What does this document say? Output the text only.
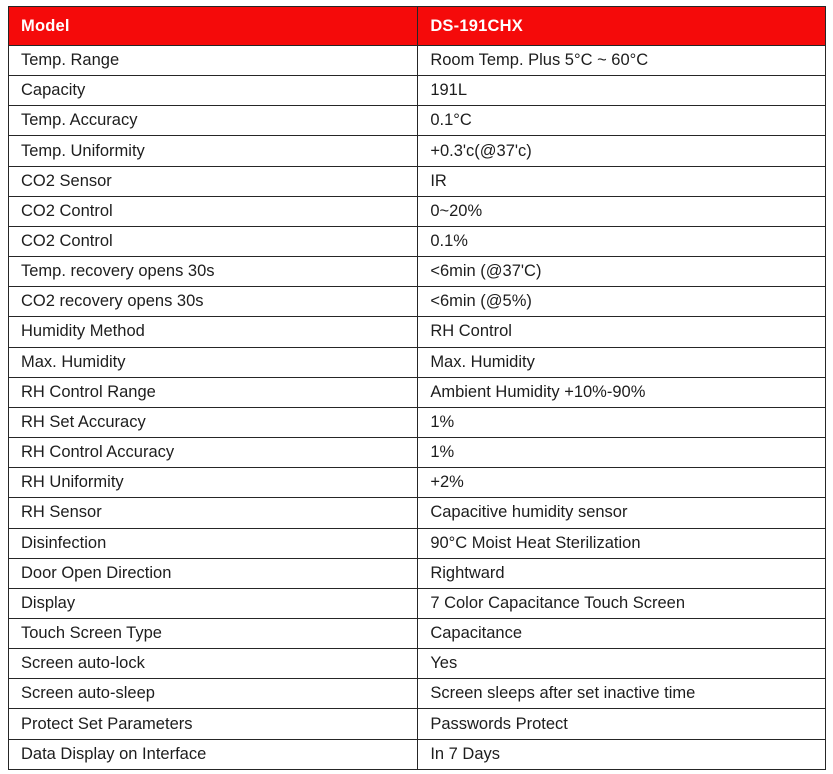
Model	DS-191CHX
Temp. Range	Room Temp. Plus 5°C ~ 60°C
Capacity	191L
Temp. Accuracy	0.1°C
Temp. Uniformity	+0.3'c(@37'c)
CO2 Sensor	IR
CO2 Control	0~20%
CO2 Control	0.1%
Temp. recovery opens 30s	<6min (@37'C)
CO2 recovery opens 30s	<6min (@5%)
Humidity Method	RH Control
Max. Humidity	Max. Humidity
RH Control Range	Ambient Humidity +10%-90%
RH Set Accuracy	1%
RH Control Accuracy	1%
RH Uniformity	+2%
RH Sensor	Capacitive humidity sensor
Disinfection	90°C Moist Heat Sterilization
Door Open Direction	Rightward
Display	7 Color Capacitance Touch Screen
Touch Screen Type	Capacitance
Screen auto-lock	Yes
Screen auto-sleep	Screen sleeps after set inactive time
Protect Set Parameters	Passwords Protect
Data Display on Interface	In 7 Days
